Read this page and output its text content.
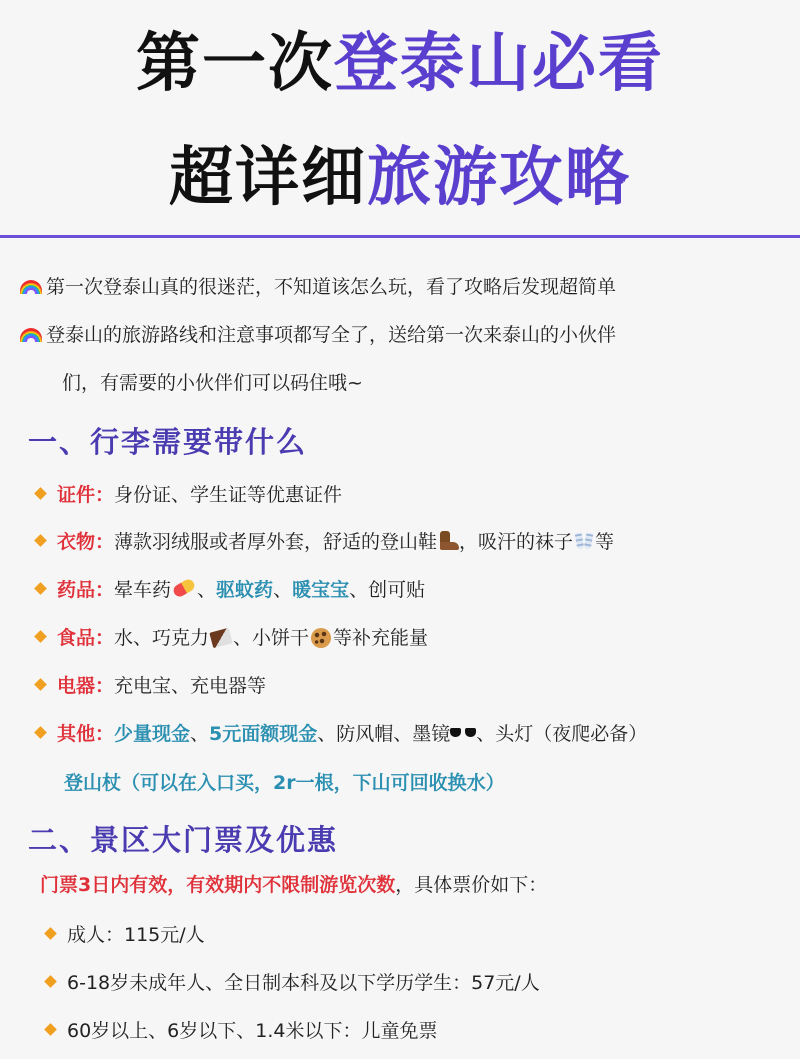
第一次登泰山必看
超详细旅游攻略
第一次登泰山真的很迷茫，不知道该怎么玩，看了攻略后发现超简单
登泰山的旅游路线和注意事项都写全了，送给第一次来泰山的小伙伴
们，有需要的小伙伴们可以码住哦~
一、行李需要带什么
证件：身份证、学生证等优惠证件
衣物：薄款羽绒服或者厚外套，舒适的登山鞋 ，吸汗的袜子 等
药品：晕车药 、驱蚊药、暖宝宝、创可贴
食品：水、巧克力 、小饼干 等补充能量
电器：充电宝、充电器等
其他：少量现金、5元面额现金、防风帽、墨镜 、头灯（夜爬必备）
登山杖（可以在入口买，2r一根，下山可回收换水）
二、景区大门票及优惠
门票3日内有效，有效期内不限制游览次数，具体票价如下：
成人：115元/人
6-18岁未成年人、全日制本科及以下学历学生：57元/人
60岁以上、6岁以下、1.4米以下：儿童免票
